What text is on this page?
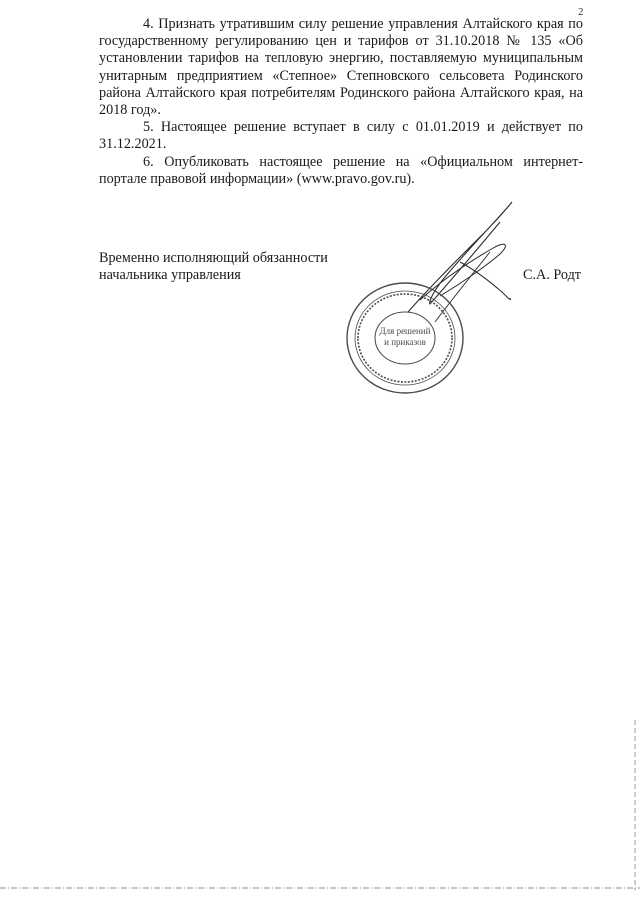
2

4. Признать утратившим силу решение управления Алтайского края по государственному регулированию цен и тарифов от 31.10.2018 № 135 «Об установлении тарифов на тепловую энергию, поставляемую муниципальным унитарным предприятием «Степное» Степновского сельсовета Родинского района Алтайского края потребителям Родинского района Алтайского края, на 2018 год».

5. Настоящее решение вступает в силу с 01.01.2019 и действует по 31.12.2021.

6. Опубликовать настоящее решение на «Официальном интернет-портале правовой информации» (www.pravo.gov.ru).

Временно исполняющий обязанности
начальника управления	С.А. Родт
Для решений
и приказов
